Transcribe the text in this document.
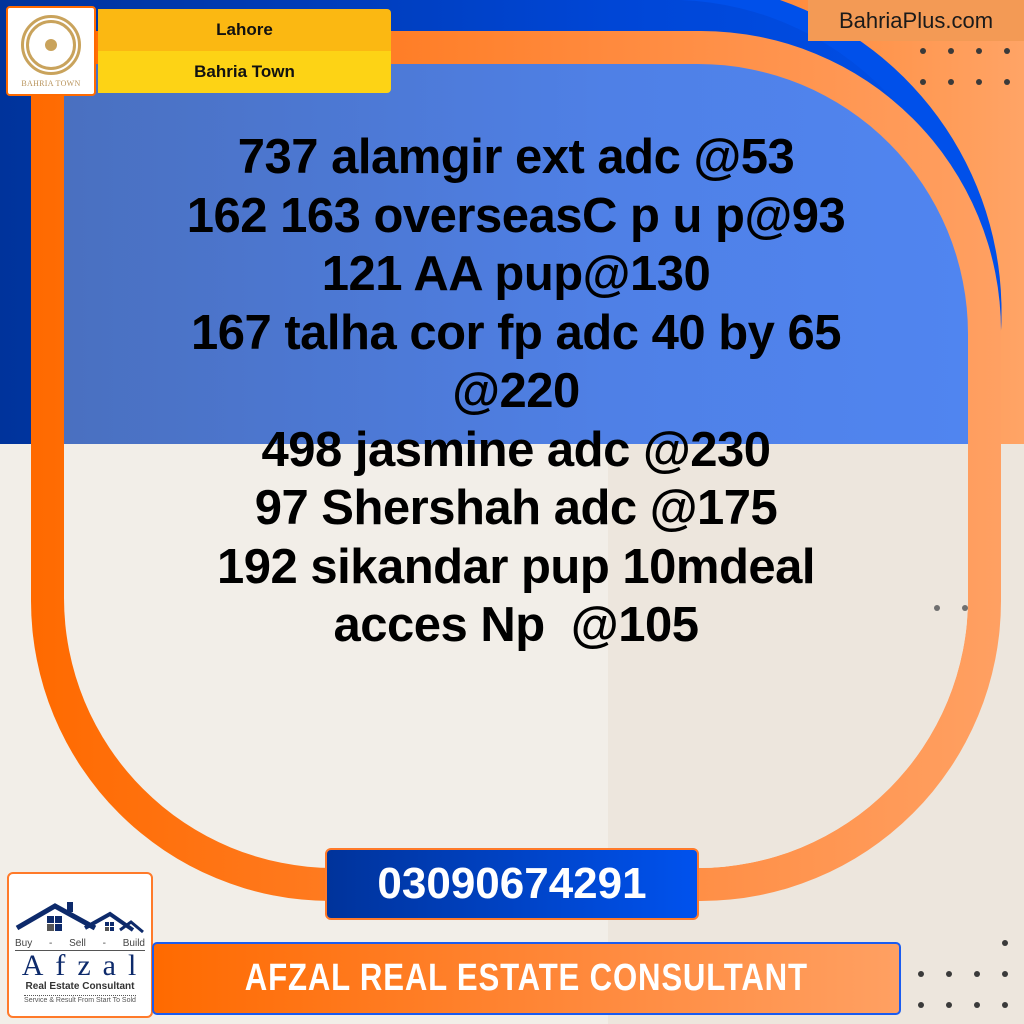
BAHRIA TOWN
Lahore
Bahria Town
BahriaPlus.com
737 alamgir ext adc @53
162 163 overseasC p u p@93
121 AA pup@130
167 talha cor fp adc 40 by 65
@220
498 jasmine adc @230
97 Shershah adc @175
192 sikandar pup 10mdeal
acces Np  @105
03090674291
Buy - Sell - Build
Afzal
Real Estate Consultant
Service & Result From Start To Sold
AFZAL REAL ESTATE CONSULTANT
